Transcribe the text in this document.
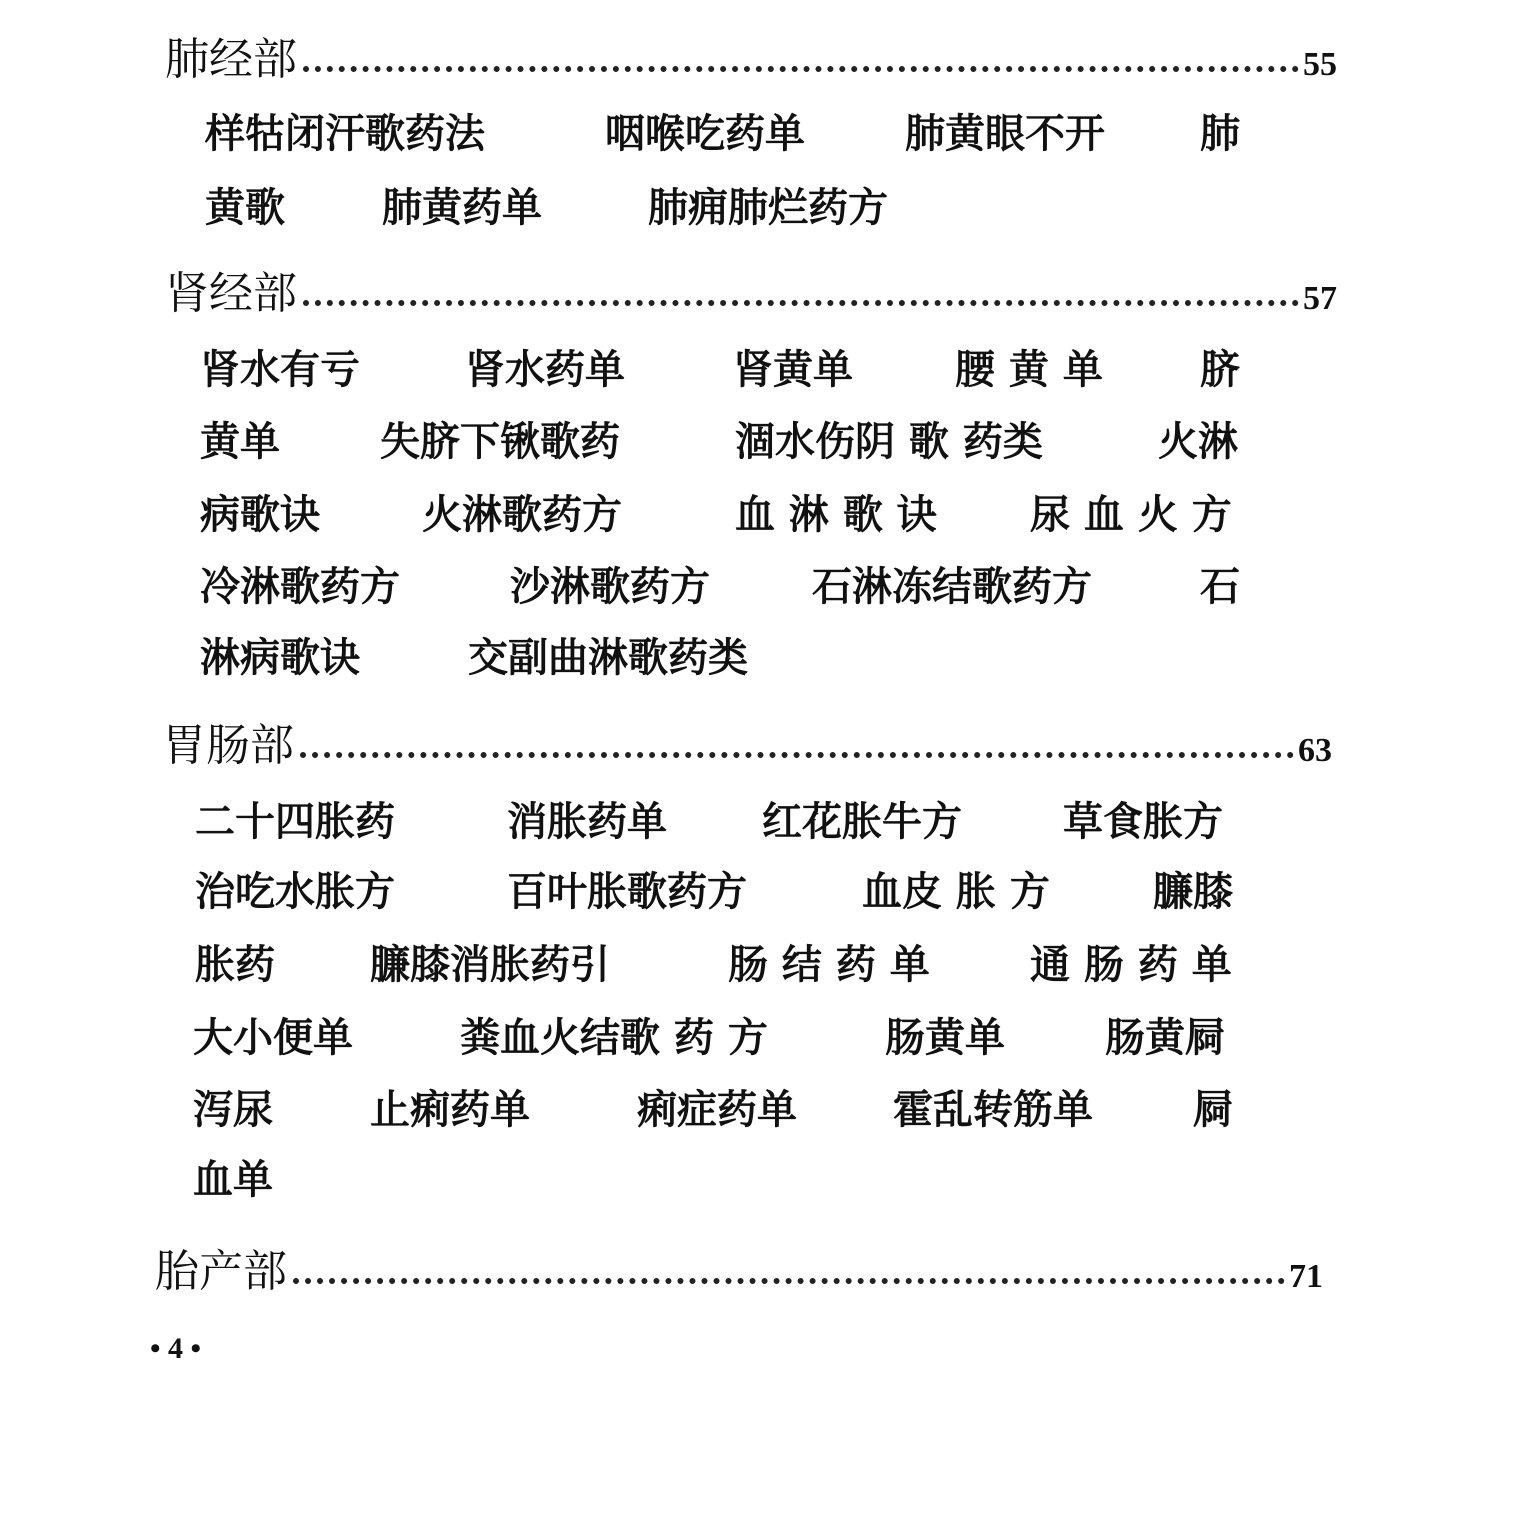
肺经部	55
肾经部	57
胃肠部	63
胎产部	71
样牯闭汗歌药法	咽喉吃药单	肺黄眼不开 肺
黄歌 肺黄药单	肺痈肺烂药方
肾水有亏	肾水药单	肾黄单	腰 黄 单 脐
黄单	失脐下锹歌药	涸水伤阴 歌 药类	火淋
病歌诀	火淋歌药方	血 淋 歌 诀 尿 血 火 方
冷淋歌药方	沙淋歌药方	石淋冻结歌药方	石
淋病歌诀	交副曲淋歌药类
二十四胀药	消胀药单 红花胀牛方	草食胀方
治吃水胀方	百叶胀歌药方	血皮 胀 方	臁膝
胀药 臁膝消胀药引	肠 结 药 单	通 肠 药 单
大小便单	粪血火结歌 药 方	肠黄单	肠黄屙
泻尿 止痢药单	痢症药单 霍乱转筋单	屙
血单
• 4 •
